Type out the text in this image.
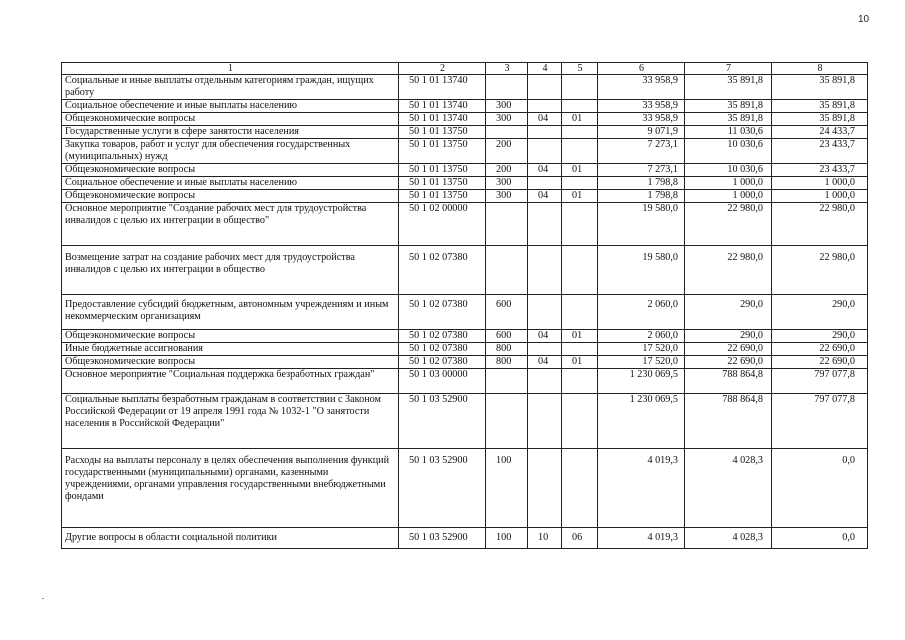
10
1	2	3	4	5	6	7	8
Социальные и иные выплаты отдельным категориям граждан, ищущих работу	50 1 01 13740				33 958,9	35 891,8	35 891,8
Социальное обеспечение и иные выплаты населению	50 1 01 13740	300			33 958,9	35 891,8	35 891,8
Общеэкономические вопросы	50 1 01 13740	300	04	01	33 958,9	35 891,8	35 891,8
Государственные услуги в сфере занятости населения	50 1 01 13750				9 071,9	11 030,6	24 433,7
Закупка товаров, работ и услуг для обеспечения государственных (муниципальных) нужд	50 1 01 13750	200			7 273,1	10 030,6	23 433,7
Общеэкономические вопросы	50 1 01 13750	200	04	01	7 273,1	10 030,6	23 433,7
Социальное обеспечение и иные выплаты населению	50 1 01 13750	300			1 798,8	1 000,0	1 000,0
Общеэкономические вопросы	50 1 01 13750	300	04	01	1 798,8	1 000,0	1 000,0
Основное мероприятие "Создание рабочих мест для трудоустройства инвалидов с целью их интеграции в общество"	50 1 02 00000				19 580,0	22 980,0	22 980,0
Возмещение затрат на создание рабочих мест для трудоустройства инвалидов с целью их интеграции в общество	50 1 02 07380				19 580,0	22 980,0	22 980,0
Предоставление субсидий бюджетным, автономным учреждениям и иным некоммерческим организациям	50 1 02 07380	600			2 060,0	290,0	290,0
Общеэкономические вопросы	50 1 02 07380	600	04	01	2 060,0	290,0	290,0
Иные бюджетные ассигнования	50 1 02 07380	800			17 520,0	22 690,0	22 690,0
Общеэкономические вопросы	50 1 02 07380	800	04	01	17 520,0	22 690,0	22 690,0
Основное мероприятие "Социальная поддержка безработных граждан"	50 1 03 00000				1 230 069,5	788 864,8	797 077,8
Социальные выплаты безработным гражданам в соответствии с Законом Российской Федерации от 19 апреля 1991 года № 1032-1 "О занятости населения в Российской Федерации"	50 1 03 52900				1 230 069,5	788 864,8	797 077,8
Расходы на выплаты персоналу в целях обеспечения выполнения функций государственными (муниципальными) органами, казенными учреждениями, органами управления государственными внебюджетными фондами	50 1 03 52900	100			4 019,3	4 028,3	0,0
Другие вопросы в области социальной политики	50 1 03 52900	100	10	06	4 019,3	4 028,3	0,0
